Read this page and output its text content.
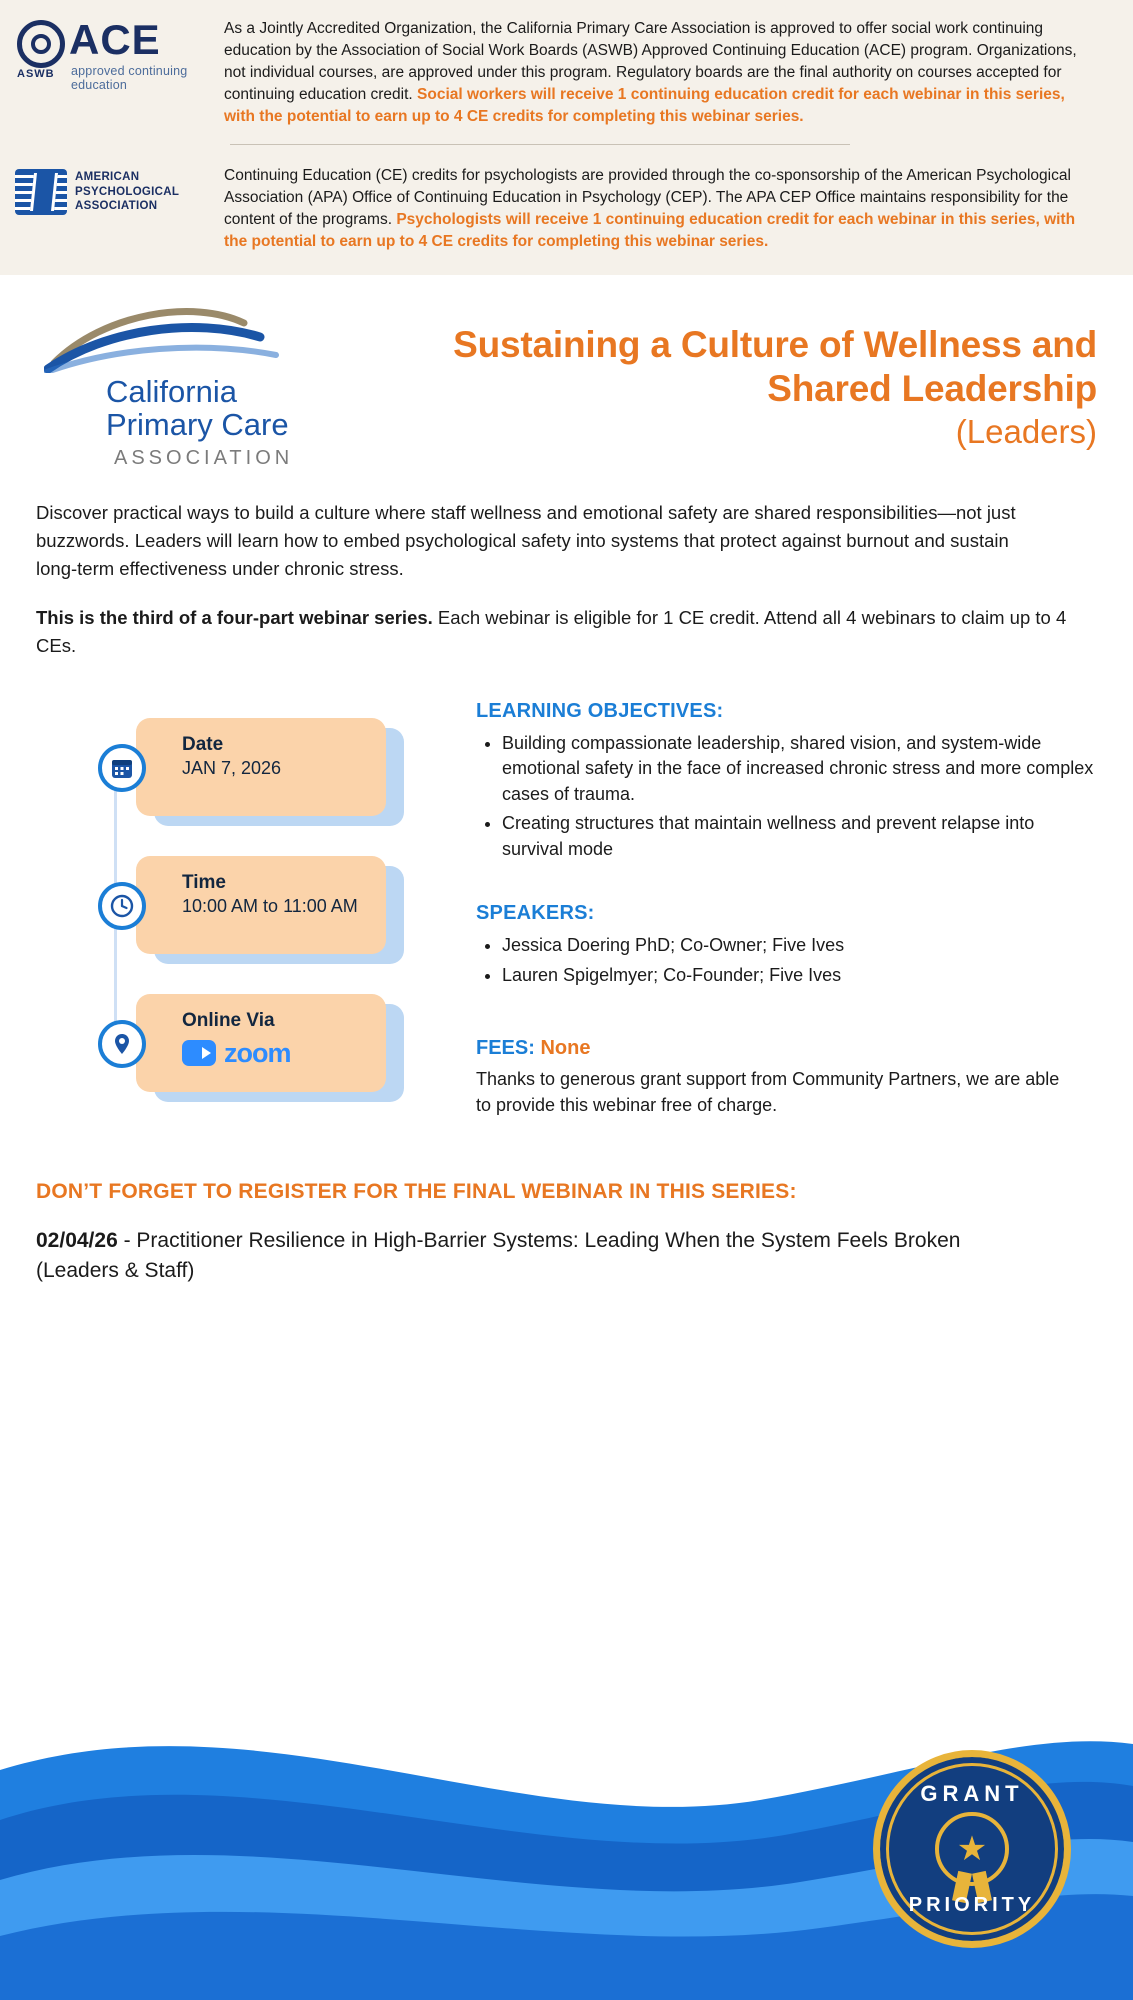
ACE
ASWB approved continuing education
As a Jointly Accredited Organization, the California Primary Care Association is approved to offer social work continuing education by the Association of Social Work Boards (ASWB) Approved Continuing Education (ACE) program. Organizations, not individual courses, are approved under this program. Regulatory boards are the final authority on courses accepted for continuing education credit. Social workers will receive 1 continuing education credit for each webinar in this series, with the potential to earn up to 4 CE credits for completing this webinar series.
AMERICAN PSYCHOLOGICAL ASSOCIATION
Continuing Education (CE) credits for psychologists are provided through the co-sponsorship of the American Psychological Association (APA) Office of Continuing Education in Psychology (CEP). The APA CEP Office maintains responsibility for the content of the programs. Psychologists will receive 1 continuing education credit for each webinar in this series, with the potential to earn up to 4 CE credits for completing this webinar series.
California
Primary Care
ASSOCIATION
Sustaining a Culture of Wellness and Shared Leadership
(Leaders)
Discover practical ways to build a culture where staff wellness and emotional safety are shared responsibilities—not just buzzwords. Leaders will learn how to embed psychological safety into systems that protect against burnout and sustain long-term effectiveness under chronic stress.
This is the third of a four-part webinar series. Each webinar is eligible for 1 CE credit. Attend all 4 webinars to claim up to 4 CEs.
Date
JAN 7, 2026
Time
10:00 AM to 11:00 AM
Online Via
zoom
LEARNING OBJECTIVES:
• Building compassionate leadership, shared vision, and system-wide emotional safety in the face of increased chronic stress and more complex cases of trauma.
• Creating structures that maintain wellness and prevent relapse into survival mode
SPEAKERS:
• Jessica Doering PhD; Co-Owner; Five Ives
• Lauren Spigelmyer; Co-Founder; Five Ives
FEES: None
Thanks to generous grant support from Community Partners, we are able to provide this webinar free of charge.
DON’T FORGET TO REGISTER FOR THE FINAL WEBINAR IN THIS SERIES:
02/04/26 - Practitioner Resilience in High-Barrier Systems: Leading When the System Feels Broken (Leaders & Staff)
GRANT
★
PRIORITY
